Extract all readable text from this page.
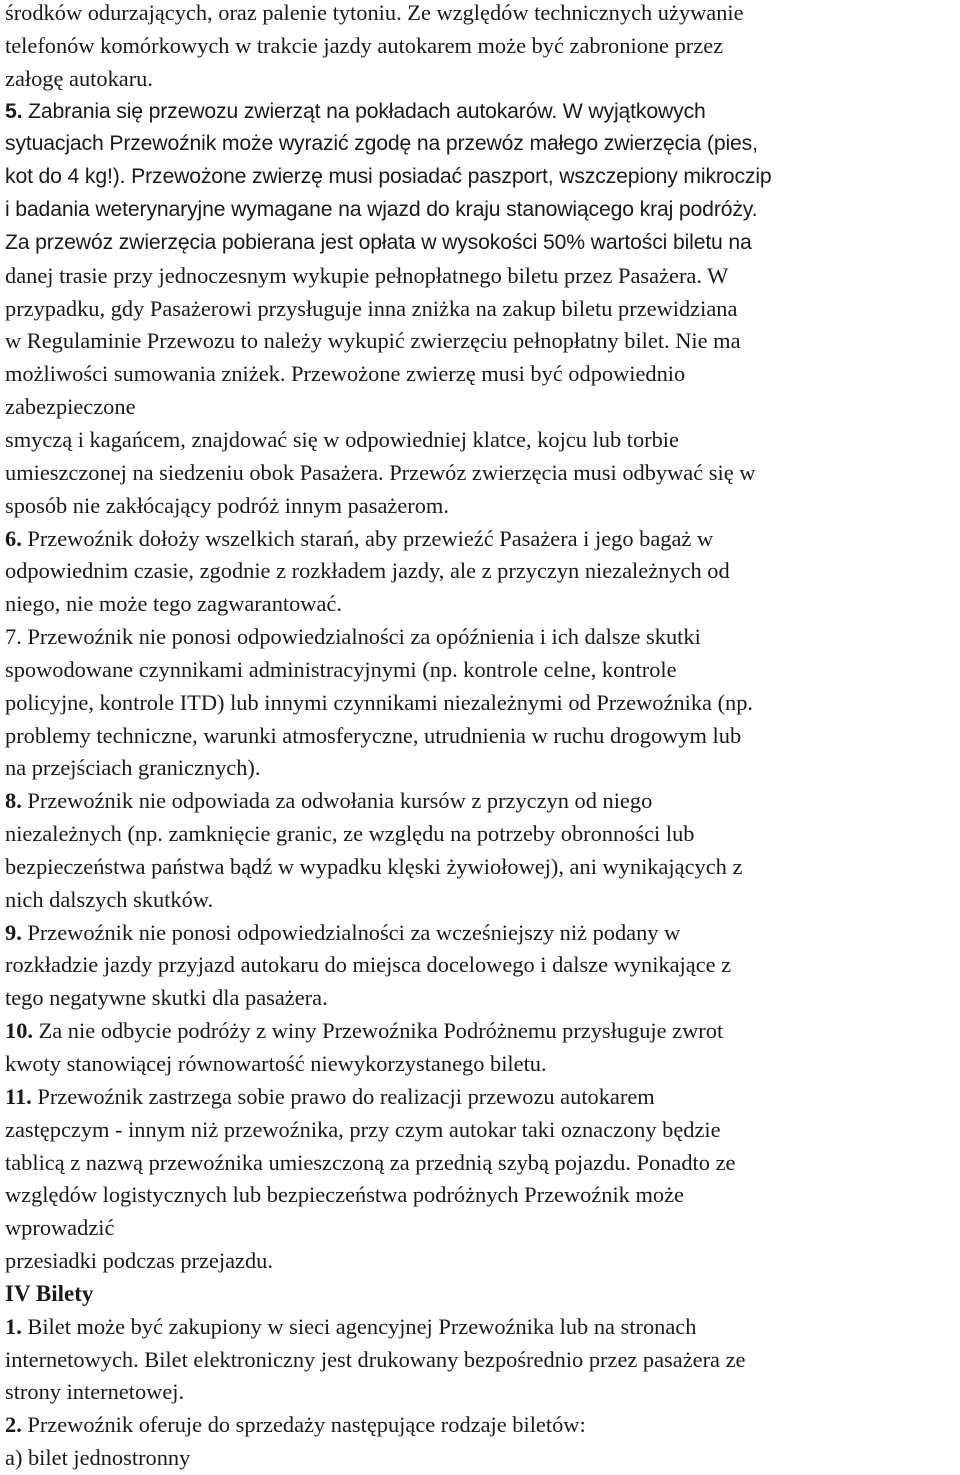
środków odurzających, oraz palenie tytoniu. Ze względów technicznych używanie
telefonów komórkowych w trakcie jazdy autokarem może być zabronione przez
załogę autokaru.
5. Zabrania się przewozu zwierząt na pokładach autokarów. W wyjątkowych
sytuacjach Przewoźnik może wyrazić zgodę na przewóz małego zwierzęcia (pies,
kot do 4 kg!). Przewożone zwierzę musi posiadać paszport, wszczepiony mikroczip
i badania weterynaryjne wymagane na wjazd do kraju stanowiącego kraj podróży.
Za przewóz zwierzęcia pobierana jest opłata w wysokości 50% wartości biletu na
danej trasie przy jednoczesnym wykupie pełnopłatnego biletu przez Pasażera. W
przypadku, gdy Pasażerowi przysługuje inna zniżka na zakup biletu przewidziana
w Regulaminie Przewozu to należy wykupić zwierzęciu pełnopłatny bilet. Nie ma
możliwości sumowania zniżek. Przewożone zwierzę musi być odpowiednio
zabezpieczone
smyczą i kagańcem, znajdować się w odpowiedniej klatce, kojcu lub torbie
umieszczonej na siedzeniu obok Pasażera. Przewóz zwierzęcia musi odbywać się w
sposób nie zakłócający podróż innym pasażerom.
6. Przewoźnik dołoży wszelkich starań, aby przewieźć Pasażera i jego bagaż w
odpowiednim czasie, zgodnie z rozkładem jazdy, ale z przyczyn niezależnych od
niego, nie może tego zagwarantować.
7. Przewoźnik nie ponosi odpowiedzialności za opóźnienia i ich dalsze skutki
spowodowane czynnikami administracyjnymi (np. kontrole celne, kontrole
policyjne, kontrole ITD) lub innymi czynnikami niezależnymi od Przewoźnika (np.
problemy techniczne, warunki atmosferyczne, utrudnienia w ruchu drogowym lub
na przejściach granicznych).
8. Przewoźnik nie odpowiada za odwołania kursów z przyczyn od niego
niezależnych (np. zamknięcie granic, ze względu na potrzeby obronności lub
bezpieczeństwa państwa bądź w wypadku klęski żywiołowej), ani wynikających z
nich dalszych skutków.
9. Przewoźnik nie ponosi odpowiedzialności za wcześniejszy niż podany w
rozkładzie jazdy przyjazd autokaru do miejsca docelowego i dalsze wynikające z
tego negatywne skutki dla pasażera.
10. Za nie odbycie podróży z winy Przewoźnika Podróżnemu przysługuje zwrot
kwoty stanowiącej równowartość niewykorzystanego biletu.
11. Przewoźnik zastrzega sobie prawo do realizacji przewozu autokarem
zastępczym - innym niż przewoźnika, przy czym autokar taki oznaczony będzie
tablicą z nazwą przewoźnika umieszczoną za przednią szybą pojazdu. Ponadto ze
względów logistycznych lub bezpieczeństwa podróżnych Przewoźnik może
wprowadzić
przesiadki podczas przejazdu.
IV Bilety
1. Bilet może być zakupiony w sieci agencyjnej Przewoźnika lub na stronach
internetowych. Bilet elektroniczny jest drukowany bezpośrednio przez pasażera ze
strony internetowej.
2. Przewoźnik oferuje do sprzedaży następujące rodzaje biletów:
a) bilet jednostronny
